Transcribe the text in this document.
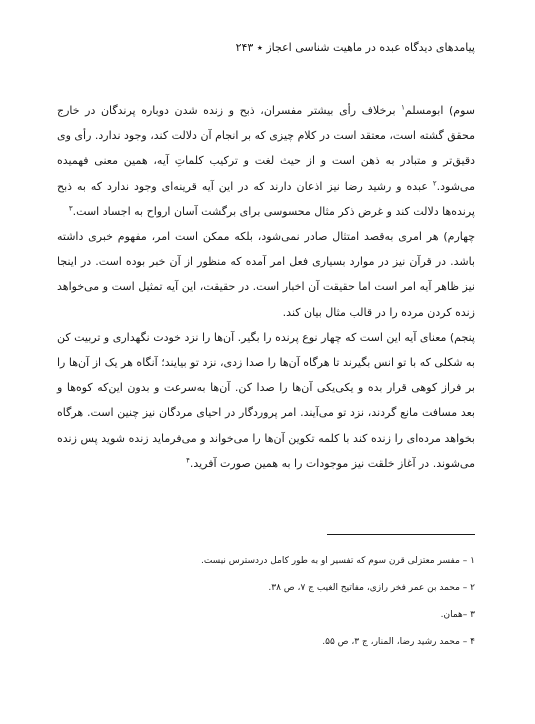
پیامدهای دیدگاه عبده در ماهیت شناسی اعجاز ٭ ۲۴۳

سوم) ابومسلم$^۱$ برخلاف رأی بیشتر مفسران، ذبح و زنده شدن دوباره پرندگان در خارج محقق گشته است، معتقد است در کلام چیزی که بر انجام آن دلالت کند، وجود ندارد. رأی وی دقیق‌تر و متبادر به ذهن است و از حیث لغت و ترکیب کلماتِ آیه، همین معنی فهمیده می‌شود.$^۲$ عبده و رشید رضا نیز اذعان دارند که در این آیه قرینه‌ای وجود ندارد که به ذبح پرنده‌ها دلالت کند و غرض ذکر مثال محسوسی برای برگشت آسان ارواح به اجساد است.$^۳$

چهارم) هر امری به‌قصد امتثال صادر نمی‌شود، بلکه ممکن است امر، مفهوم خبری داشته باشد. در قرآن نیز در موارد بسیاری فعل امر آمده که منظور از آن خبر بوده است. در اینجا نیز ظاهر آیه امر است اما حقیقت آن اخبار است. در حقیقت، این آیه تمثیل است و می‌خواهد زنده کردن مرده را در قالب مثال بیان کند.

پنجم) معنای آیه این است که چهار نوع پرنده را بگیر. آن‌ها را نزد خودت نگهداری و تربیت کن به شکلی که با تو انس بگیرند تا هرگاه آن‌ها را صدا زدی، نزد تو بیایند؛ آنگاه هر یک از آن‌ها را بر فراز کوهی قرار بده و یکی‌یکی آن‌ها را صدا کن. آن‌ها به‌سرعت و بدون این‌که کوه‌ها و بعد مسافت مانع گردند، نزد تو می‌آیند. امر پروردگار در احیای مردگان نیز چنین است. هرگاه بخواهد مرده‌ای را زنده کند با کلمه تکوین آن‌ها را می‌خواند و می‌فرماید زنده شوید پس زنده می‌شوند. در آغاز خلقت نیز موجودات را به همین صورت آفرید.$^۴$

۱ – مفسر معتزلی قرن سوم که تفسیر او به طور کامل دردسترس نیست.
۲ – محمد بن عمر فخر رازی، مفاتیح الغیب ج ۷، ص ۳۸.
۳ –همان.
۴ – محمد رشید رضا، المنار، ج ۳، ص ۵۵.
